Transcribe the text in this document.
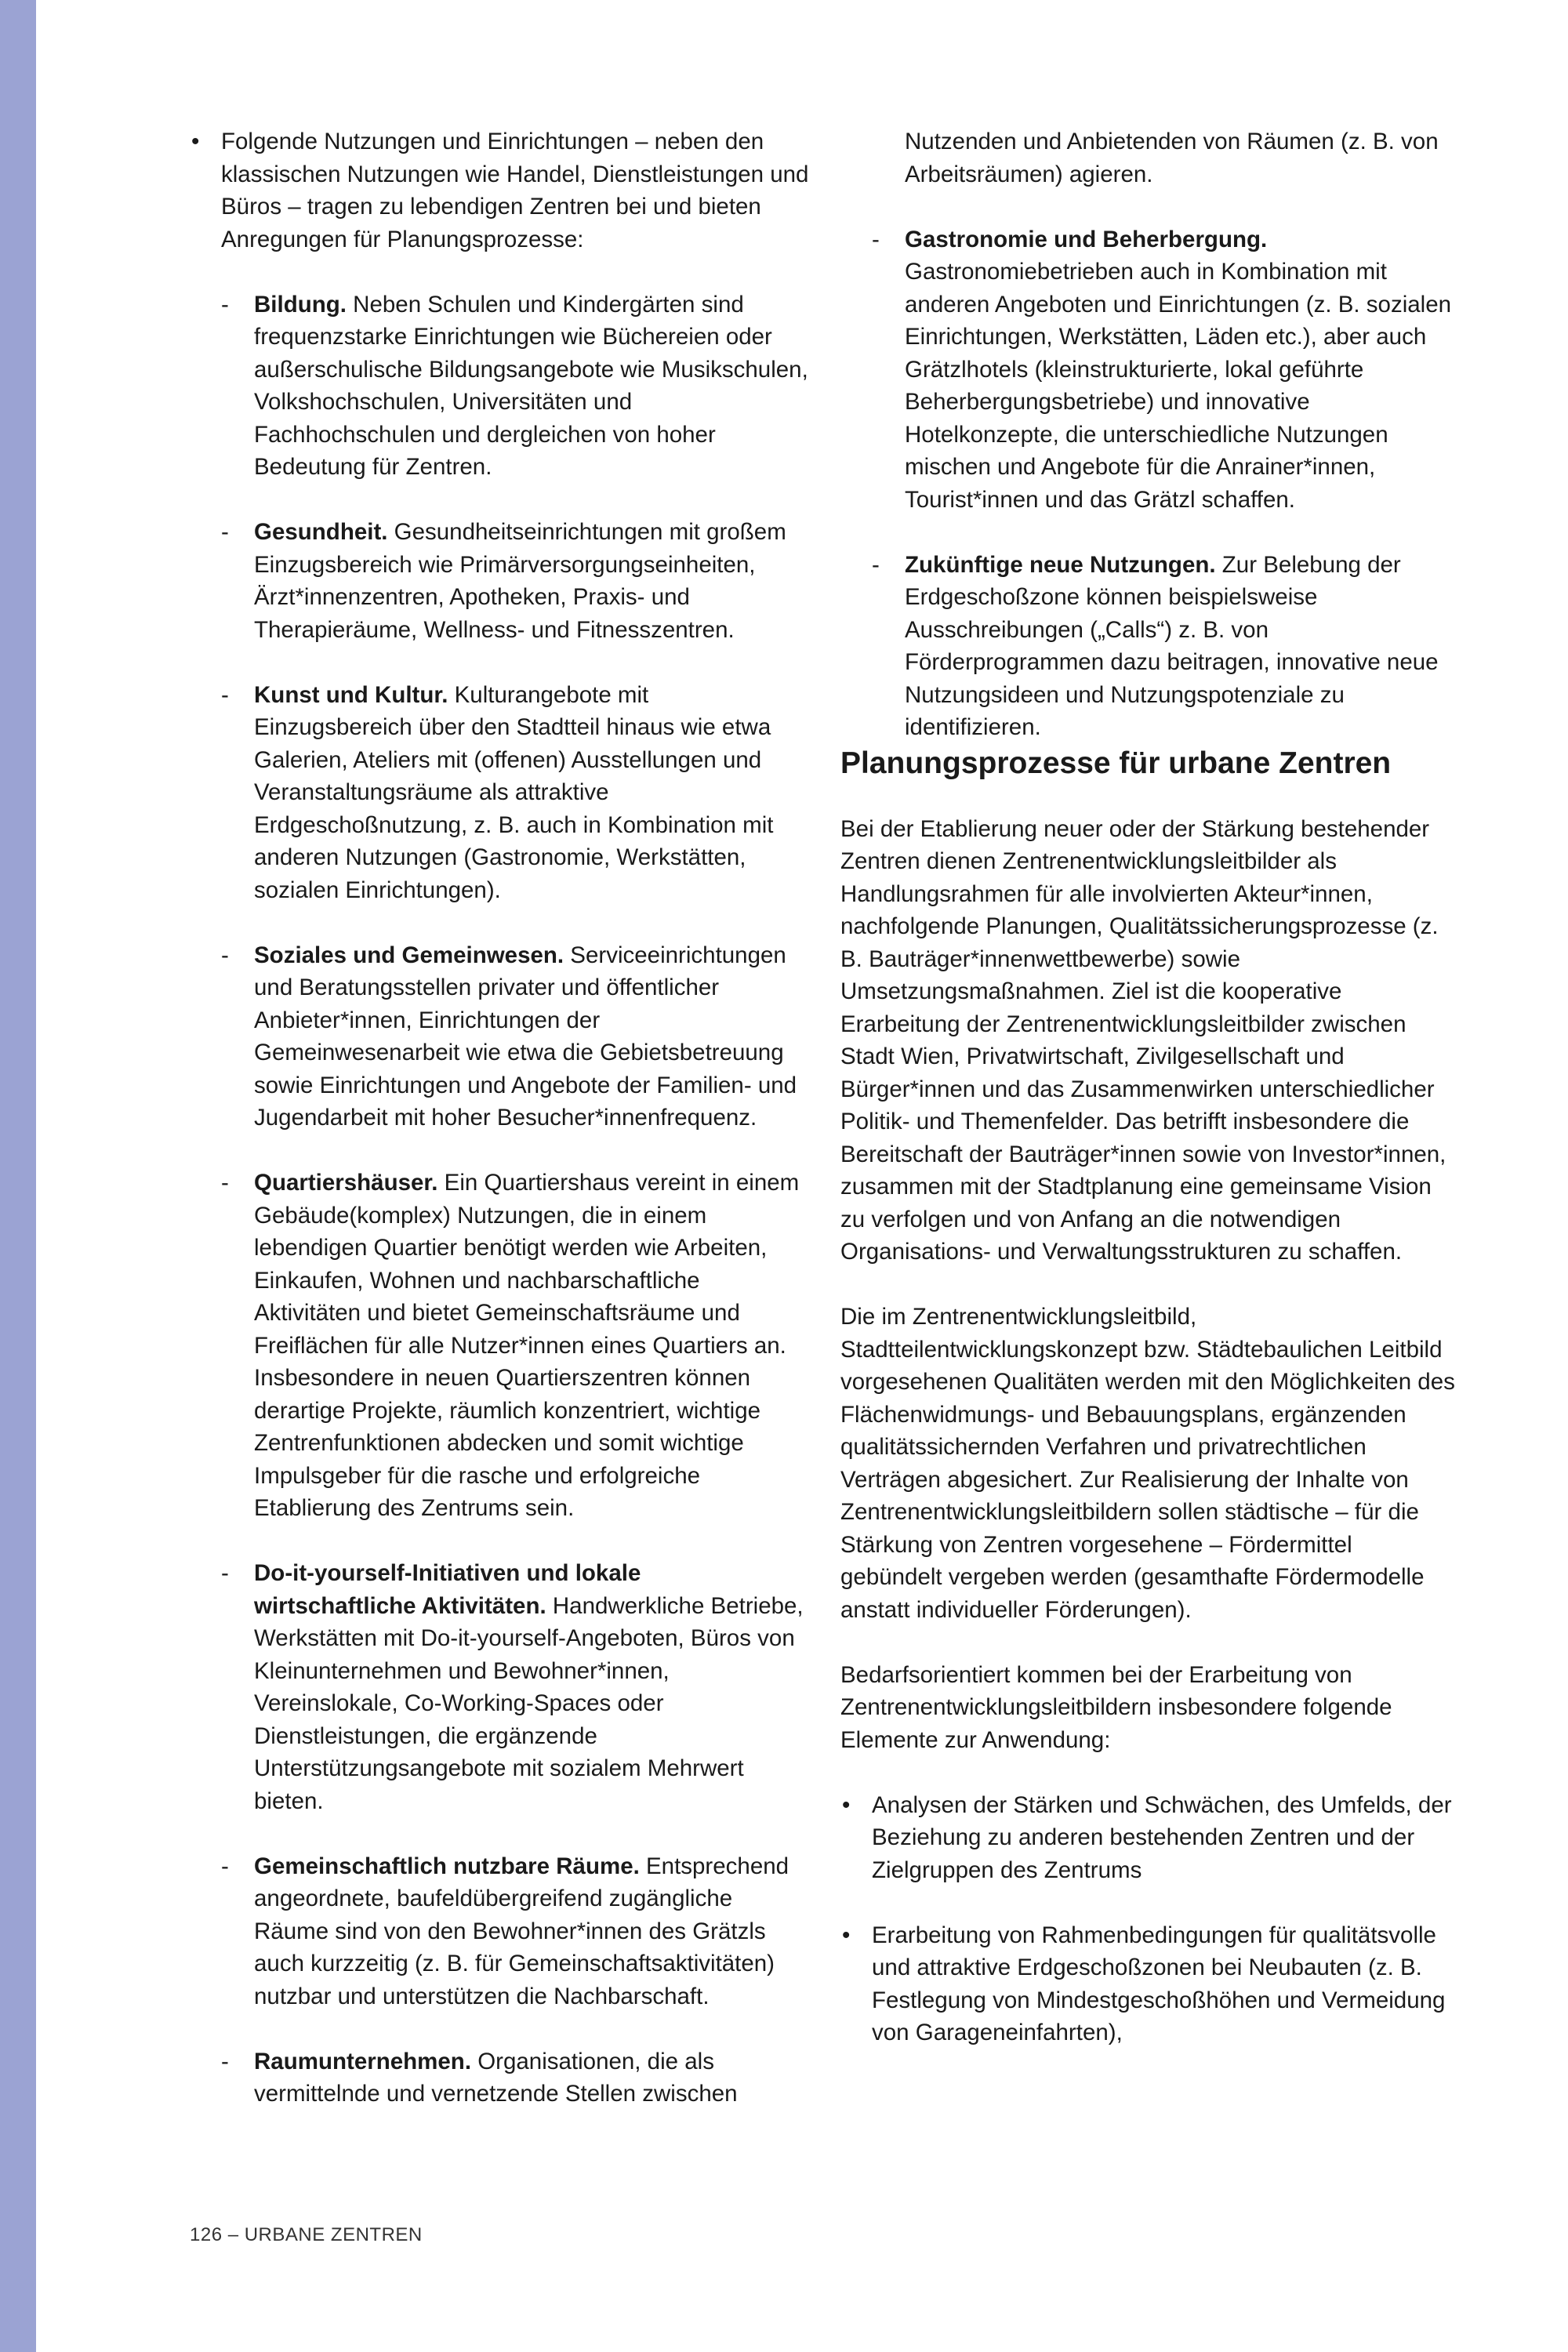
• Folgende Nutzungen und Einrichtungen – neben den klassischen Nutzungen wie Handel, Dienstleistungen und Büros – tragen zu lebendigen Zentren bei und bieten Anregungen für Planungsprozesse:
-	Bildung. Neben Schulen und Kindergärten sind frequenzstarke Einrichtungen wie Büchereien oder außerschulische Bildungsangebote wie Musikschulen, Volkshochschulen, Universitäten und Fachhochschulen und dergleichen von hoher Bedeutung für Zentren.
-	Gesundheit. Gesundheitseinrichtungen mit großem Einzugsbereich wie Primärversorgungseinheiten, Ärzt*innenzentren, Apotheken, Praxis- und Therapieräume, Wellness- und Fitnesszentren.
-	Kunst und Kultur. Kulturangebote mit Einzugsbereich über den Stadtteil hinaus wie etwa Galerien, Ateliers mit (offenen) Ausstellungen und Veranstaltungsräume als attraktive Erdgeschoßnutzung, z. B. auch in Kombination mit anderen Nutzungen (Gastronomie, Werkstätten, sozialen Einrichtungen).
-	Soziales und Gemeinwesen. Serviceeinrichtungen und Beratungsstellen privater und öffentlicher Anbieter*innen, Einrichtungen der Gemeinwesenarbeit wie etwa die Gebietsbetreuung sowie Einrichtungen und Angebote der Familien- und Jugendarbeit mit hoher Besucher*innenfrequenz.
-	Quartiershäuser. Ein Quartiershaus vereint in einem Gebäude(komplex) Nutzungen, die in einem lebendigen Quartier benötigt werden wie Arbeiten, Einkaufen, Wohnen und nachbarschaftliche Aktivitäten und bietet Gemeinschaftsräume und Freiflächen für alle Nutzer*innen eines Quartiers an. Insbesondere in neuen Quartierszentren können derartige Projekte, räumlich konzentriert, wichtige Zentrenfunktionen abdecken und somit wichtige Impulsgeber für die rasche und erfolgreiche Etablierung des Zentrums sein.
-	Do-it-yourself-Initiativen und lokale wirtschaftliche Aktivitäten. Handwerkliche Betriebe, Werkstätten mit Do-it-yourself-Angeboten, Büros von Kleinunternehmen und Bewohner*innen, Vereinslokale, Co-Working-Spaces oder Dienstleistungen, die ergänzende Unterstützungsangebote mit sozialem Mehrwert bieten.
-	Gemeinschaftlich nutzbare Räume. Entsprechend angeordnete, baufeldübergreifend zugängliche Räume sind von den Bewohner*innen des Grätzls auch kurzzeitig (z. B. für Gemeinschaftsaktivitäten) nutzbar und unterstützen die Nachbarschaft.
-	Raumunternehmen. Organisationen, die als vermittelnde und vernetzende Stellen zwischen

Nutzenden und Anbietenden von Räumen (z. B. von Arbeitsräumen) agieren.

-	Gastronomie und Beherbergung. Gastronomiebetrieben auch in Kombination mit anderen Angeboten und Einrichtungen (z. B. sozialen Einrichtungen, Werkstätten, Läden etc.), aber auch Grätzlhotels (kleinstrukturierte, lokal geführte Beherbergungsbetriebe) und innovative Hotelkonzepte, die unterschiedliche Nutzungen mischen und Angebote für die Anrainer*innen, Tourist*innen und das Grätzl schaffen.
-	Zukünftige neue Nutzungen. Zur Belebung der Erdgeschoßzone können beispielsweise Ausschreibungen („Calls“) z. B. von Förderprogrammen dazu beitragen, innovative neue Nutzungsideen und Nutzungspotenziale zu identifizieren.
Planungsprozesse für urbane Zentren

Bei der Etablierung neuer oder der Stärkung bestehender Zentren dienen Zentrenentwicklungsleitbilder als Handlungsrahmen für alle involvierten Akteur*innen, nachfolgende Planungen, Qualitätssicherungsprozesse (z. B. Bauträger*innenwettbewerbe) sowie Umsetzungsmaßnahmen. Ziel ist die kooperative Erarbeitung der Zentrenentwicklungsleitbilder zwischen Stadt Wien, Privatwirtschaft, Zivilgesellschaft und Bürger*innen und das Zusammenwirken unterschiedlicher Politik- und Themenfelder. Das betrifft insbesondere die Bereitschaft der Bauträger*innen sowie von Investor*innen, zusammen mit der Stadtplanung eine gemeinsame Vision zu verfolgen und von Anfang an die notwendigen Organisations- und Verwaltungsstrukturen zu schaffen.

Die im Zentrenentwicklungsleitbild, Stadtteilentwicklungskonzept bzw. Städtebaulichen Leitbild vorgesehenen Qualitäten werden mit den Möglichkeiten des Flächenwidmungs- und Bebauungsplans, ergänzenden qualitätssichernden Verfahren und privatrechtlichen Verträgen abgesichert. Zur Realisierung der Inhalte von Zentrenentwicklungsleitbildern sollen städtische – für die Stärkung von Zentren vorgesehene – Fördermittel gebündelt vergeben werden (gesamthafte Fördermodelle anstatt individueller Förderungen).

Bedarfsorientiert kommen bei der Erarbeitung von Zentrenentwicklungsleitbildern insbesondere folgende Elemente zur Anwendung:

• Analysen der Stärken und Schwächen, des Umfelds, der Beziehung zu anderen bestehenden Zentren und der Zielgruppen des Zentrums
• Erarbeitung von Rahmenbedingungen für qualitätsvolle und attraktive Erdgeschoßzonen bei Neubauten (z. B. Festlegung von Mindestgeschoßhöhen und Vermeidung von Garageneinfahrten),
126 – URBANE ZENTREN
